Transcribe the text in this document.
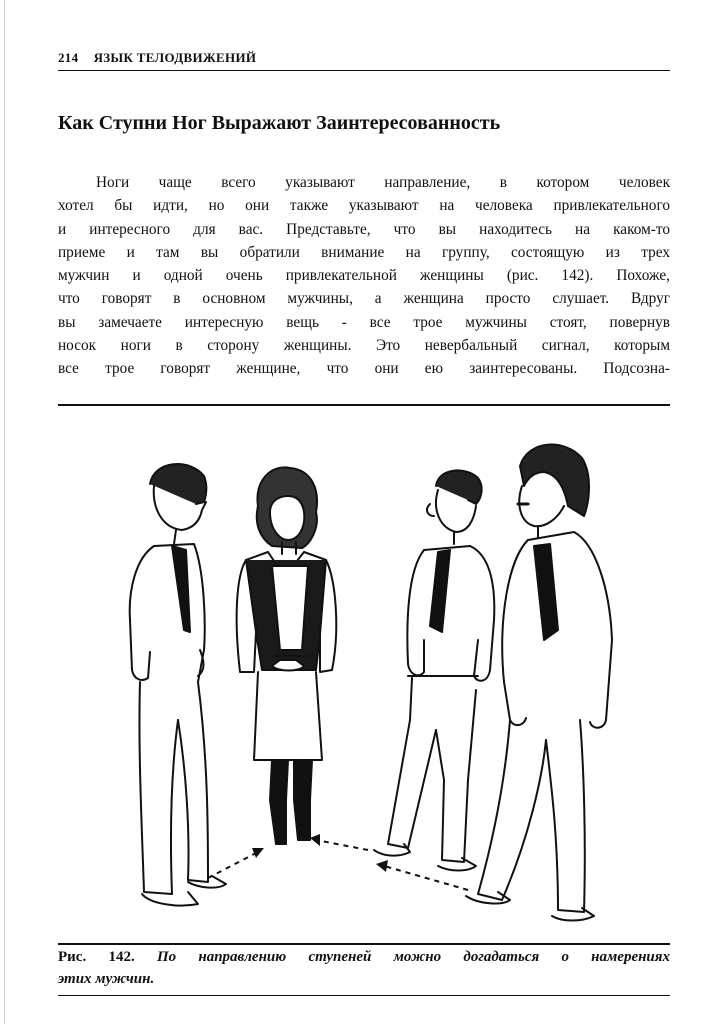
214 ЯЗЫК ТЕЛОДВИЖЕНИЙ
Как Ступни Ног Выражают Заинтересованность
Ноги чаще всего указывают направление, в котором человек
хотел бы идти, но они также указывают на человека привлекательного
и интересного для вас. Представьте, что вы находитесь на каком-то
приеме и там вы обратили внимание на группу, состоящую из трех
мужчин и одной очень привлекательной женщины (рис. 142). Похоже,
что говорят в основном мужчины, а женщина просто слушает. Вдруг
вы замечаете интересную вещь - все трое мужчины стоят, повернув
носок ноги в сторону женщины. Это невербальный сигнал, которым
все трое говорят женщине, что они ею заинтересованы. Подсозна-
Рис. 142. По направлению ступеней можно догадаться о намерениях
этих мужчин.
